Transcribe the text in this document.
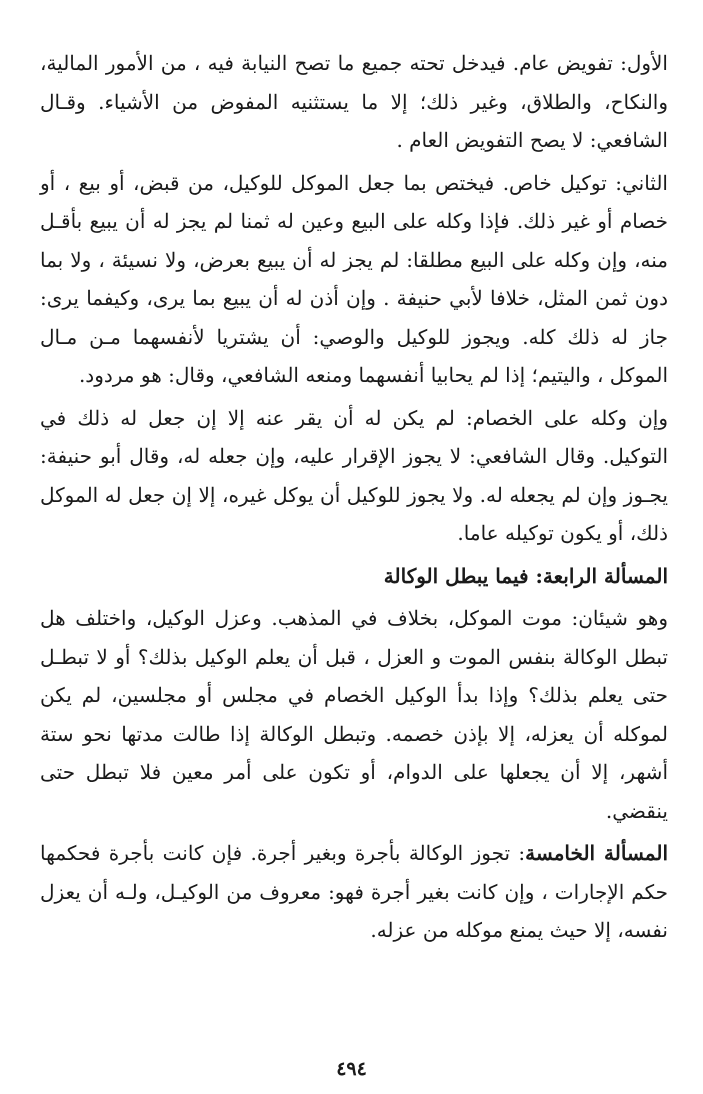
الأول: تفويض عام. فيدخل تحته جميع ما تصح النيابة فيه ، من الأمور المالية، والنكاح، والطلاق، وغير ذلك؛ إلا ما يستثنيه المفوض من الأشياء. وقـال الشافعي: لا يصح التفويض العام .

الثاني: توكيل خاص. فيختص بما جعل الموكل للوكيل، من قبض، أو بيع ، أو خصام أو غير ذلك. فإذا وكله على البيع وعين له ثمنا لم يجز له أن يبيع بأقـل منه، وإن وكله على البيع مطلقا: لم يجز له أن يبيع بعرض، ولا نسيئة ، ولا بما دون ثمن المثل، خلافا لأبي حنيفة . وإن أذن له أن يبيع بما يرى، وكيفما يرى: جاز له ذلك كله. ويجوز للوكيل والوصي: أن يشتريا لأنفسهما مـن مـال الموكل ، واليتيم؛ إذا لم يحابيا أنفسهما ومنعه الشافعي، وقال: هو مردود.

وإن وكله على الخصام: لم يكن له أن يقر عنه إلا إن جعل له ذلك في التوكيل. وقال الشافعي: لا يجوز الإقرار عليه، وإن جعله له، وقال أبو حنيفة: يجـوز وإن لم يجعله له. ولا يجوز للوكيل أن يوكل غيره، إلا إن جعل له الموكل ذلك، أو يكون توكيله عاما.

المسألة الرابعة: فيما يبطل الوكالة

وهو شيئان: موت الموكل، بخلاف في المذهب. وعزل الوكيل، واختلف هل تبطل الوكالة بنفس الموت و العزل ، قبل أن يعلم الوكيل بذلك؟ أو لا تبطـل حتى يعلم بذلك؟ وإذا بدأ الوكيل الخصام في مجلس أو مجلسين، لم يكن لموكله أن يعزله، إلا بإذن خصمه. وتبطل الوكالة إذا طالت مدتها نحو ستة أشهر، إلا أن يجعلها على الدوام، أو تكون على أمر معين فلا تبطل حتى ينقضي.

المسألة الخامسة: تجوز الوكالة بأجرة وبغير أجرة. فإن كانت بأجرة فحكمها حكم الإجارات ، وإن كانت بغير أجرة فهو: معروف من الوكيـل، ولـه أن يعزل نفسه، إلا حيث يمنع موكله من عزله.

٤٩٤
